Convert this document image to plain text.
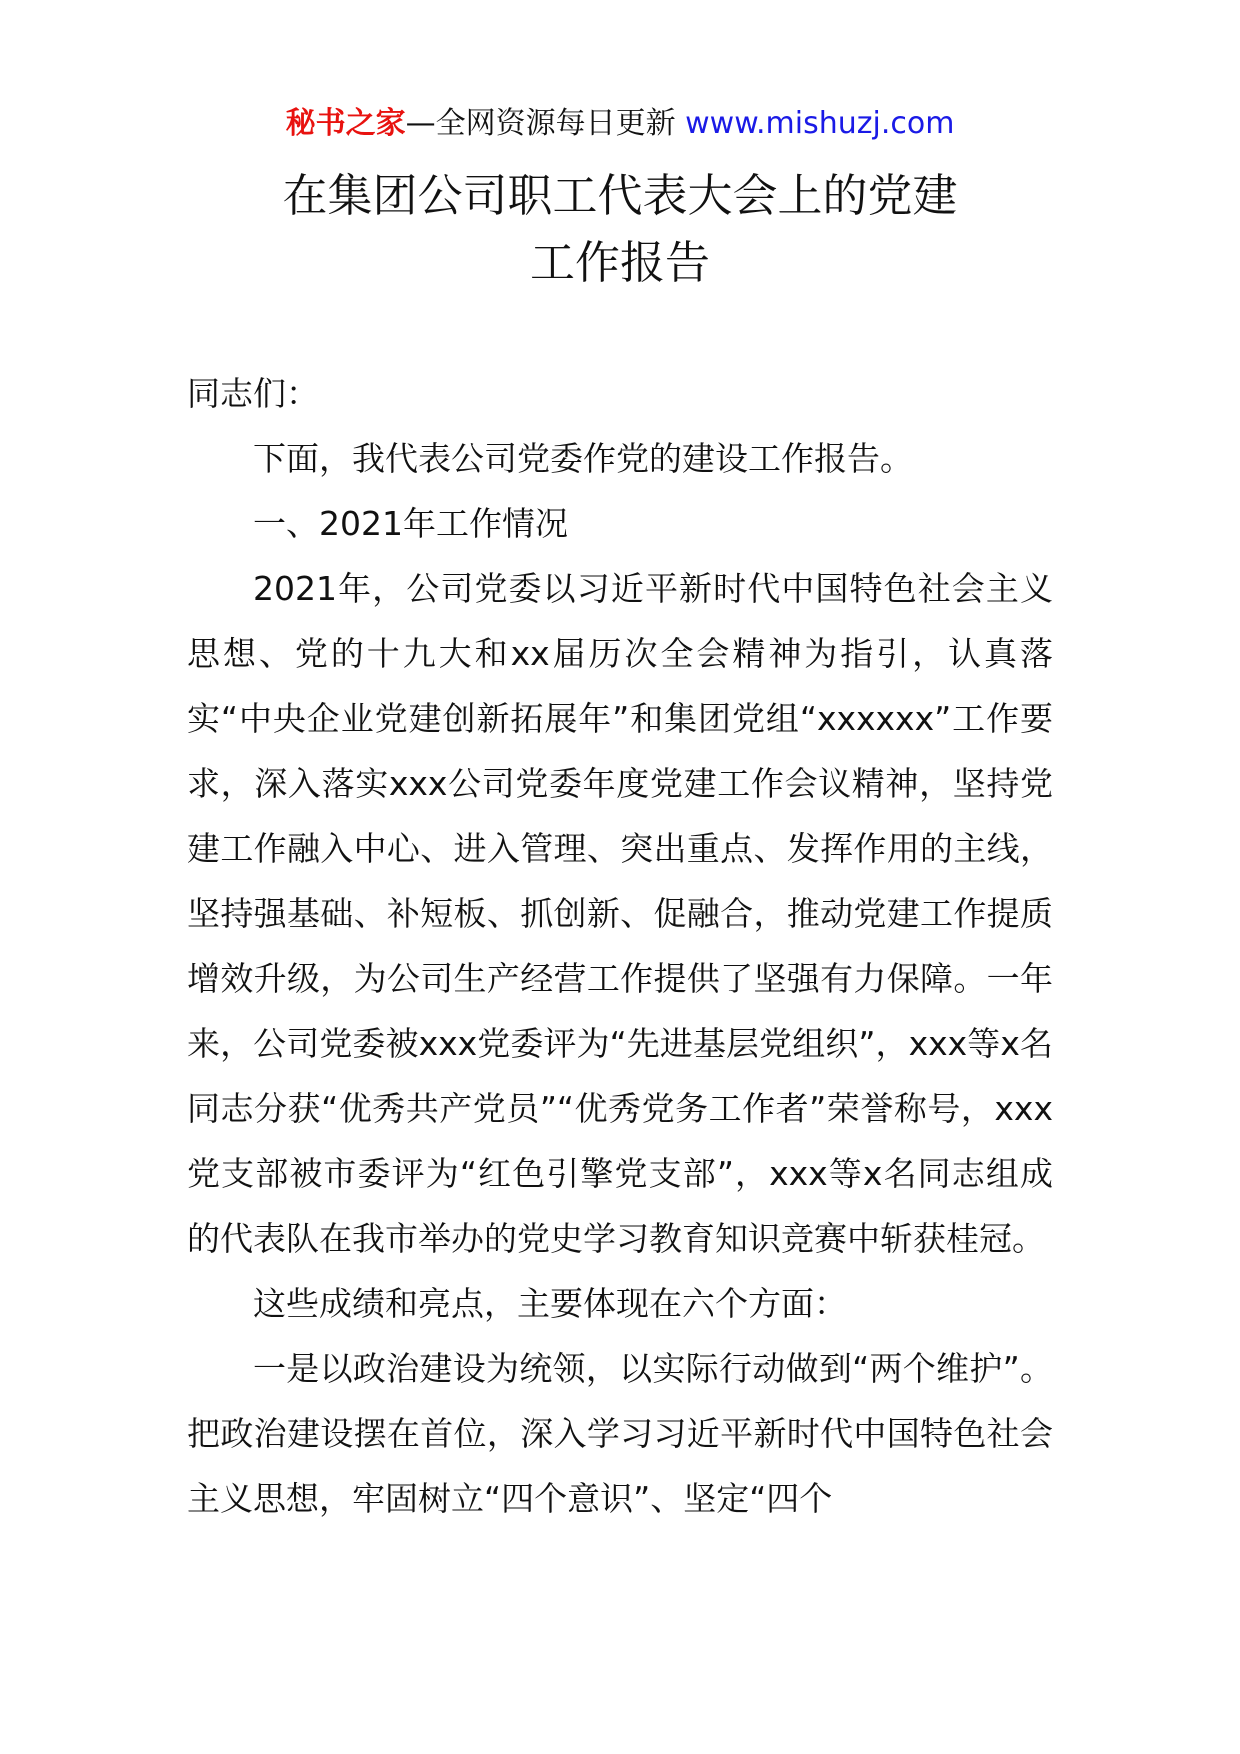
秘书之家—全网资源每日更新 www.mishuzj.com
在集团公司职工代表大会上的党建
工作报告

同志们：

下面，我代表公司党委作党的建设工作报告。

一、2021年工作情况

2021年，公司党委以习近平新时代中国特色社会主义思想、党的十九大和xx届历次全会精神为指引，认真落实“中央企业党建创新拓展年”和集团党组“xxxxxx”工作要求，深入落实xxx公司党委年度党建工作会议精神，坚持党建工作融入中心、进入管理、突出重点、发挥作用的主线，坚持强基础、补短板、抓创新、促融合，推动党建工作提质增效升级，为公司生产经营工作提供了坚强有力保障。一年来，公司党委被xxx党委评为“先进基层党组织”，xxx等x名同志分获“优秀共产党员”“优秀党务工作者”荣誉称号，xxx党支部被市委评为“红色引擎党支部”，xxx等x名同志组成的代表队在我市举办的党史学习教育知识竞赛中斩获桂冠。

这些成绩和亮点，主要体现在六个方面：

一是以政治建设为统领，以实际行动做到“两个维护”。把政治建设摆在首位，深入学习习近平新时代中国特色社会主义思想，牢固树立“四个意识”、坚定“四个
